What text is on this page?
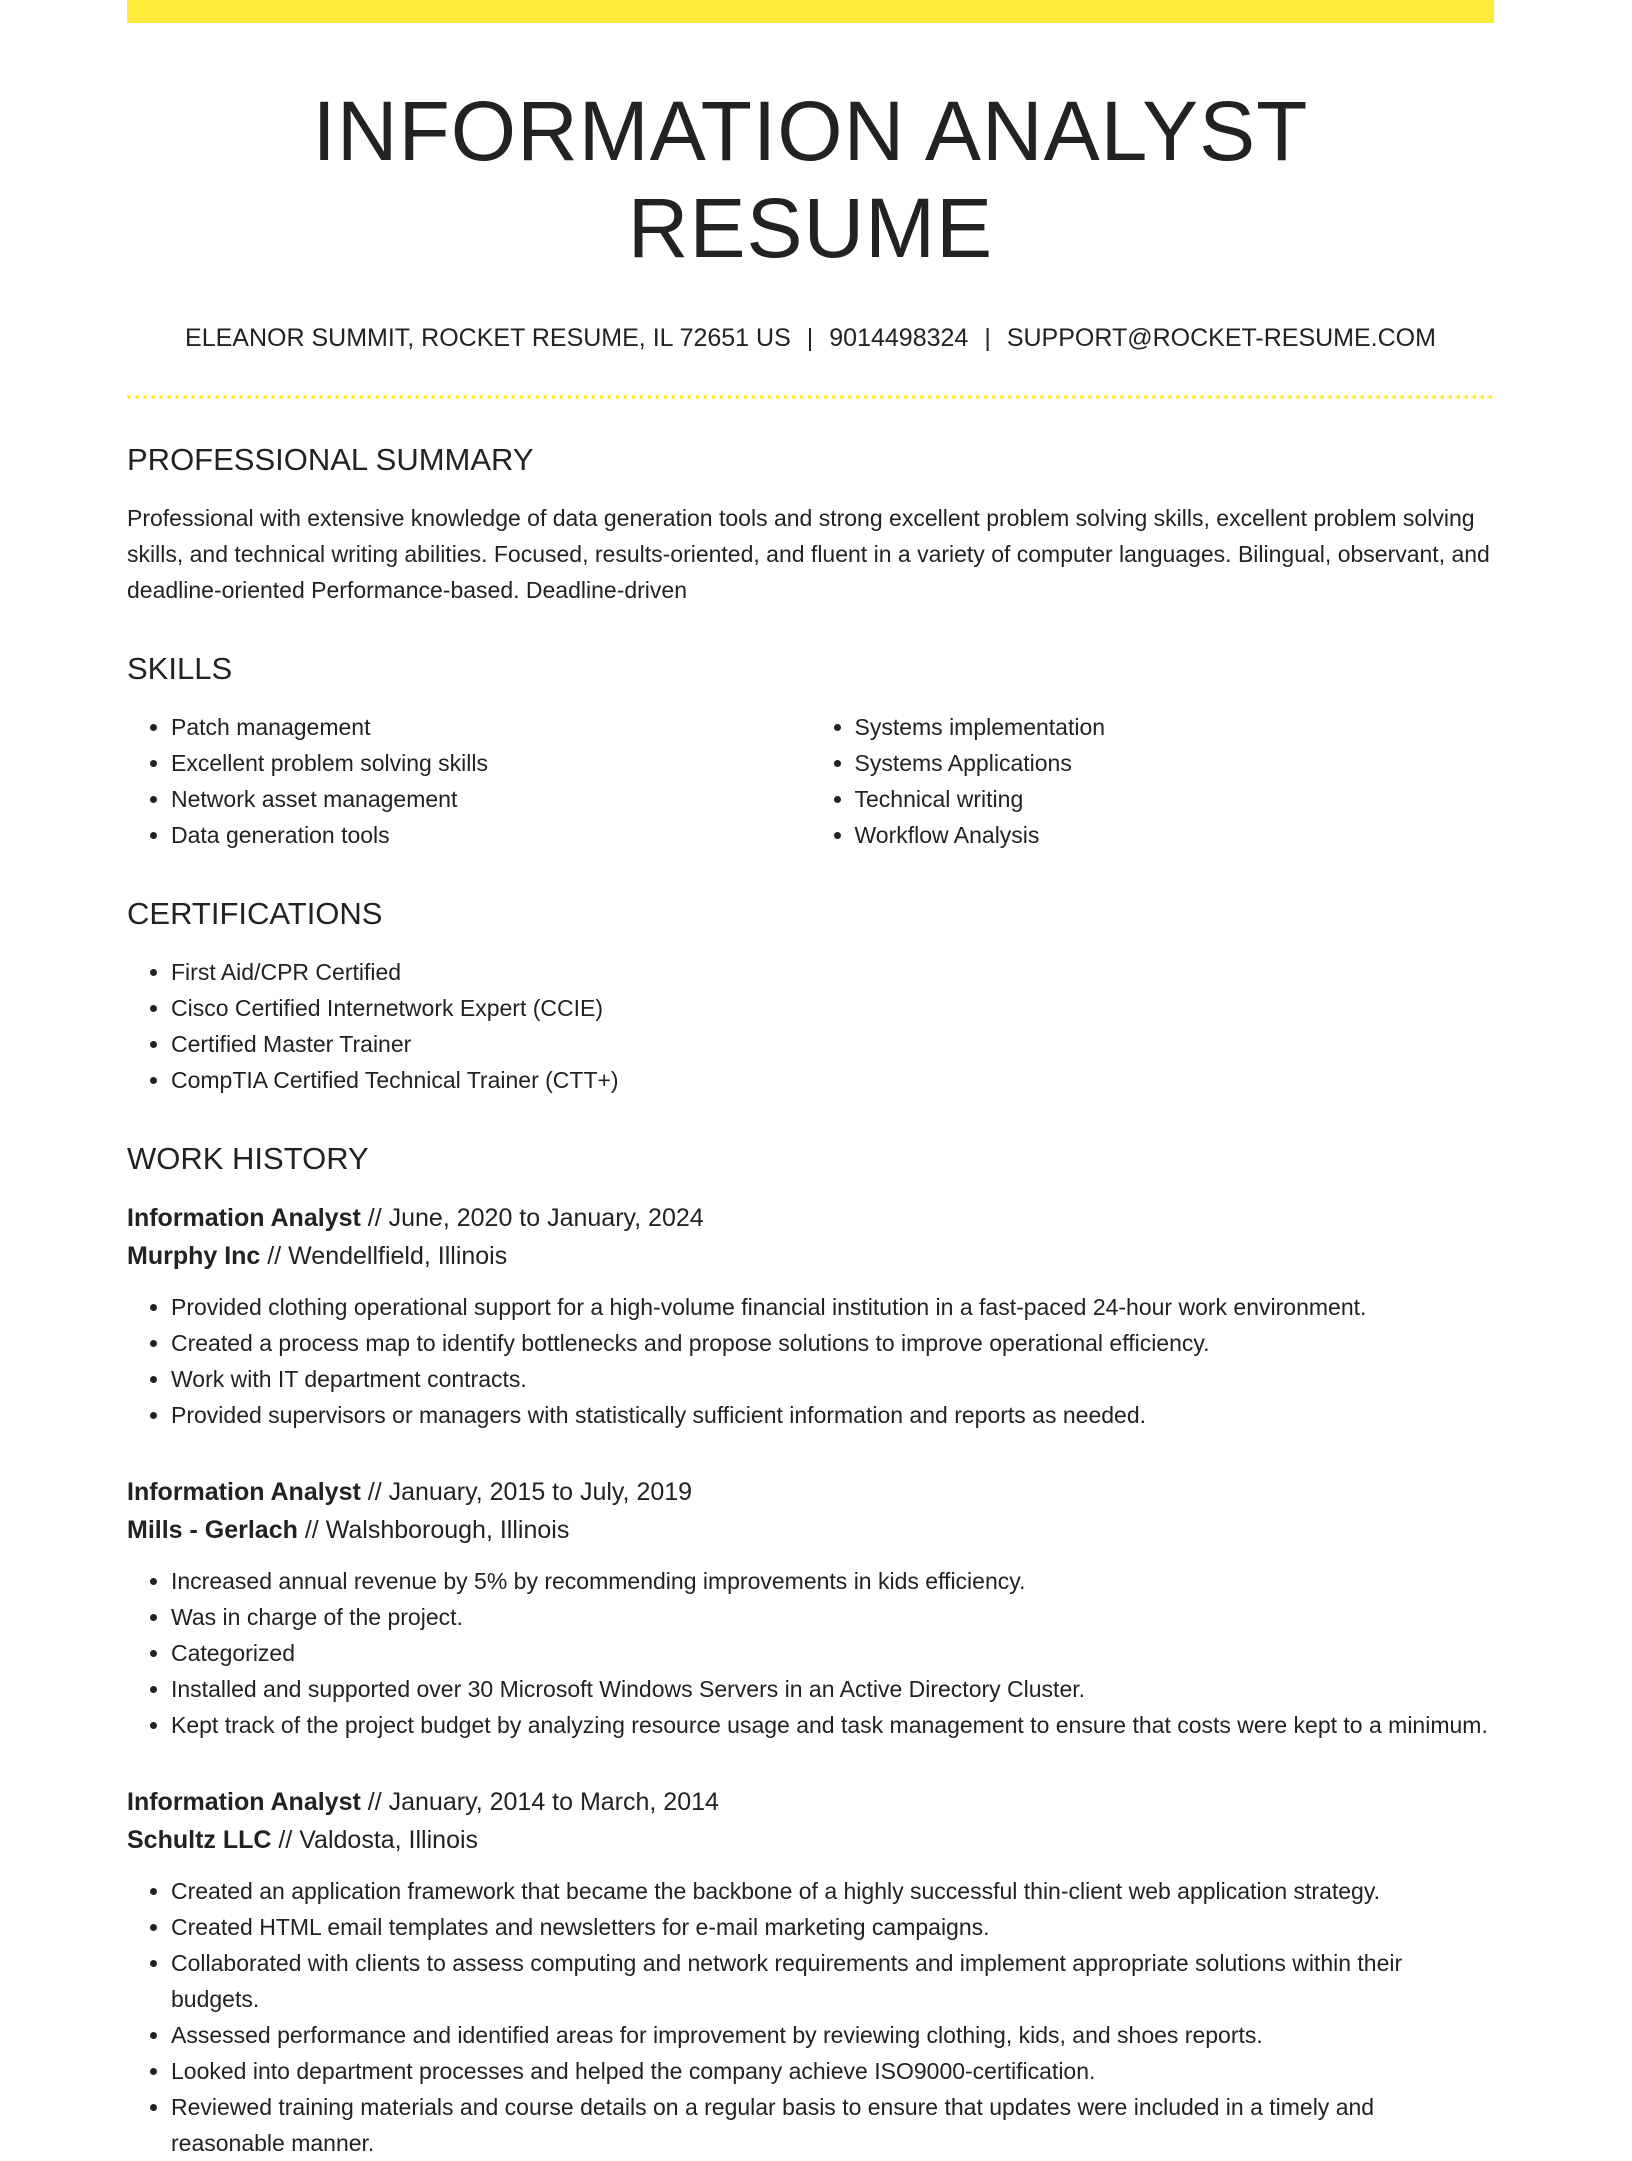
INFORMATION ANALYST RESUME
ELEANOR SUMMIT, ROCKET RESUME, IL 72651 US | 9014498324 | SUPPORT@ROCKET-RESUME.COM
PROFESSIONAL SUMMARY

Professional with extensive knowledge of data generation tools and strong excellent problem solving skills, excellent problem solving skills, and technical writing abilities. Focused, results-oriented, and fluent in a variety of computer languages. Bilingual, observant, and deadline-oriented Performance-based. Deadline-driven

SKILLS
• Patch management
• Excellent problem solving skills
• Network asset management
• Data generation tools
• Systems implementation
• Systems Applications
• Technical writing
• Workflow Analysis
CERTIFICATIONS
• First Aid/CPR Certified
• Cisco Certified Internetwork Expert (CCIE)
• Certified Master Trainer
• CompTIA Certified Technical Trainer (CTT+)
WORK HISTORY
Information Analyst // June, 2020 to January, 2024
Murphy Inc // Wendellfield, Illinois
• Provided clothing operational support for a high-volume financial institution in a fast-paced 24-hour work environment.
• Created a process map to identify bottlenecks and propose solutions to improve operational efficiency.
• Work with IT department contracts.
• Provided supervisors or managers with statistically sufficient information and reports as needed.
Information Analyst // January, 2015 to July, 2019
Mills - Gerlach // Walshborough, Illinois
• Increased annual revenue by 5% by recommending improvements in kids efficiency.
• Was in charge of the project.
• Categorized
• Installed and supported over 30 Microsoft Windows Servers in an Active Directory Cluster.
• Kept track of the project budget by analyzing resource usage and task management to ensure that costs were kept to a minimum.
Information Analyst // January, 2014 to March, 2014
Schultz LLC // Valdosta, Illinois
• Created an application framework that became the backbone of a highly successful thin-client web application strategy.
• Created HTML email templates and newsletters for e-mail marketing campaigns.
• Collaborated with clients to assess computing and network requirements and implement appropriate solutions within their budgets.
• Assessed performance and identified areas for improvement by reviewing clothing, kids, and shoes reports.
• Looked into department processes and helped the company achieve ISO9000-certification.
• Reviewed training materials and course details on a regular basis to ensure that updates were included in a timely and reasonable manner.
